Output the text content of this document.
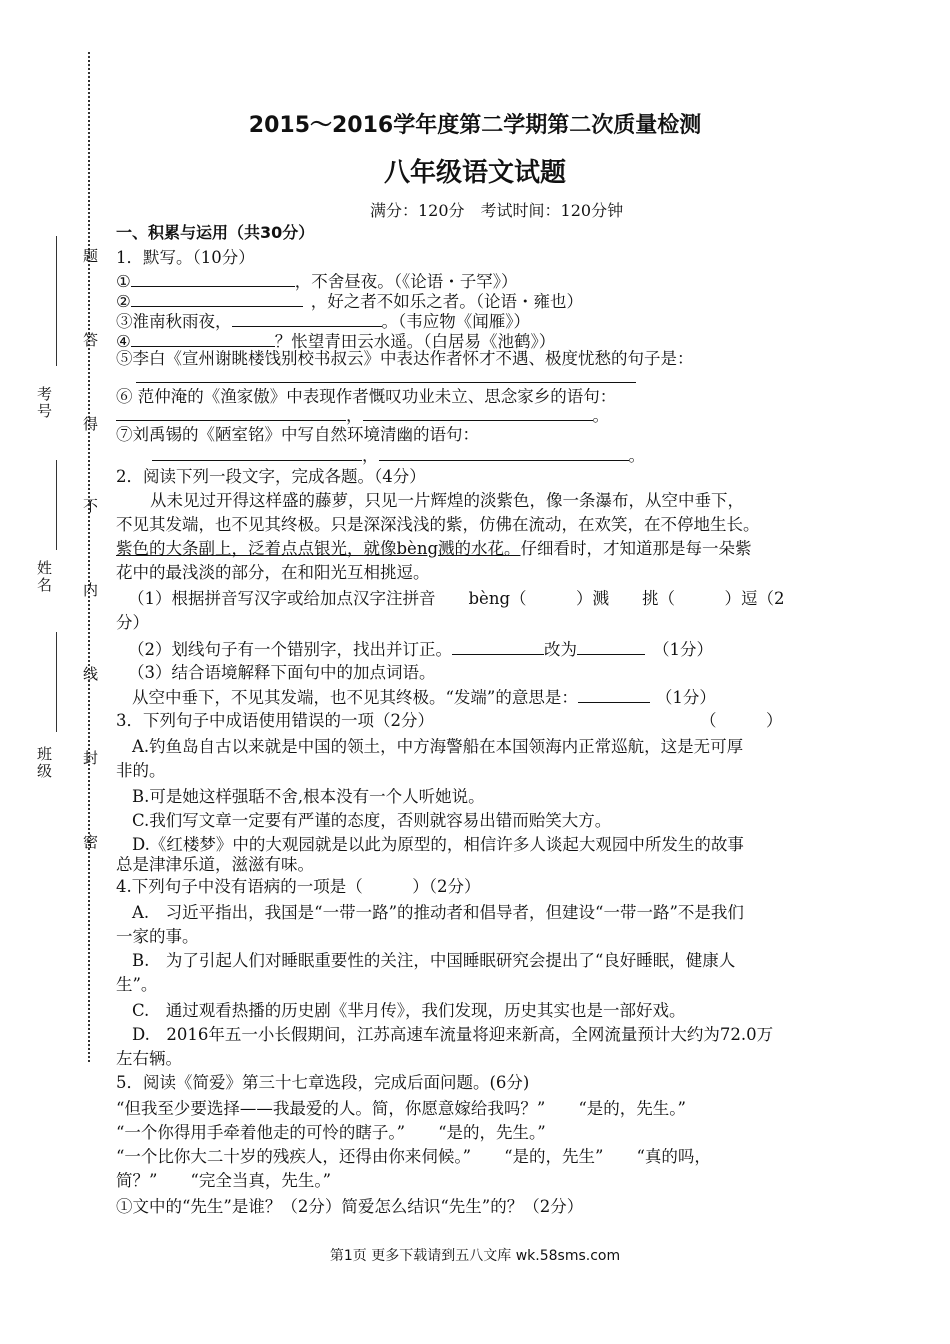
题
答
得
不
内
线
封
密
考号
姓名
班级
2015～2016学年度第二学期第二次质量检测
八年级语文试题
满分：120分　考试时间：120分钟
一、积累与运用（共30分）
1．默写。（10分）
①	，不舍昼夜。（《论语・子罕》）
②	，好之者不如乐之者。（论语・雍也）
③淮南秋雨夜，	。（韦应物《闻雁》）
④	？怅望青田云水遥。（白居易《池鹤》）
⑤李白《宣州谢眺楼饯别校书叔云》中表达作者怀才不遇、极度忧愁的句子是：
⑥ 范仲淹的《渔家傲》中表现作者慨叹功业未立、思念家乡的语句：
，	。
⑦刘禹锡的《陋室铭》中写自然环境清幽的语句：
，	。
2．阅读下列一段文字，完成各题。（4分）
从未见过开得这样盛的藤萝，只见一片辉煌的淡紫色，像一条瀑布，从空中垂下，
不见其发端，也不见其终极。只是深深浅浅的紫，仿佛在流动，在欢笑，在不停地生长。
紫色的大条副上，泛着点点银光，就像bèng溅的水花。仔细看时，才知道那是每一朵紫
花中的最浅淡的部分，在和阳光互相挑逗。
（1）根据拼音写汉字或给加点汉字注拼音　　bèng（　　　）溅　　挑（　　　）逗（2
分）
（2）划线句子有一个错别字，找出并订正。	改为	（1分）
（3）结合语境解释下面句中的加点词语。
从空中垂下，不见其发端，也不见其终极。“发端”的意思是：	（1分）
3．下列句子中成语使用错误的一项（2分）	（　　　）
A.钓鱼岛自古以来就是中国的领土，中方海警船在本国领海内正常巡航，这是无可厚
非的。
B.可是她这样强聒不舍,根本没有一个人听她说。
C.我们写文章一定要有严谨的态度，否则就容易出错而贻笑大方。
D.《红楼梦》中的大观园就是以此为原型的，相信许多人谈起大观园中所发生的故事
总是津津乐道，滋滋有味。
4.下列句子中没有语病的一项是（　　　）（2分）
A.　习近平指出，我国是“一带一路”的推动者和倡导者，但建设“一带一路”不是我们
一家的事。
B.　为了引起人们对睡眠重要性的关注，中国睡眠研究会提出了“良好睡眠，健康人
生”。
C.　通过观看热播的历史剧《芈月传》，我们发现，历史其实也是一部好戏。
D.　2016年五一小长假期间，江苏高速车流量将迎来新高，全网流量预计大约为72.0万
左右辆。
5．阅读《简爱》第三十七章选段，完成后面问题。(6分)
“但我至少要选择——我最爱的人。简，你愿意嫁给我吗？”　　“是的，先生。”
“一个你得用手牵着他走的可怜的瞎子。”　　“是的，先生。”
“一个比你大二十岁的残疾人，还得由你来伺候。”　　“是的，先生”　　“真的吗，
简？”　　“完全当真，先生。”
①文中的“先生”是谁？（2分）简爱怎么结识“先生”的？（2分）
第1页 更多下载请到五八文库 wk.58sms.com
